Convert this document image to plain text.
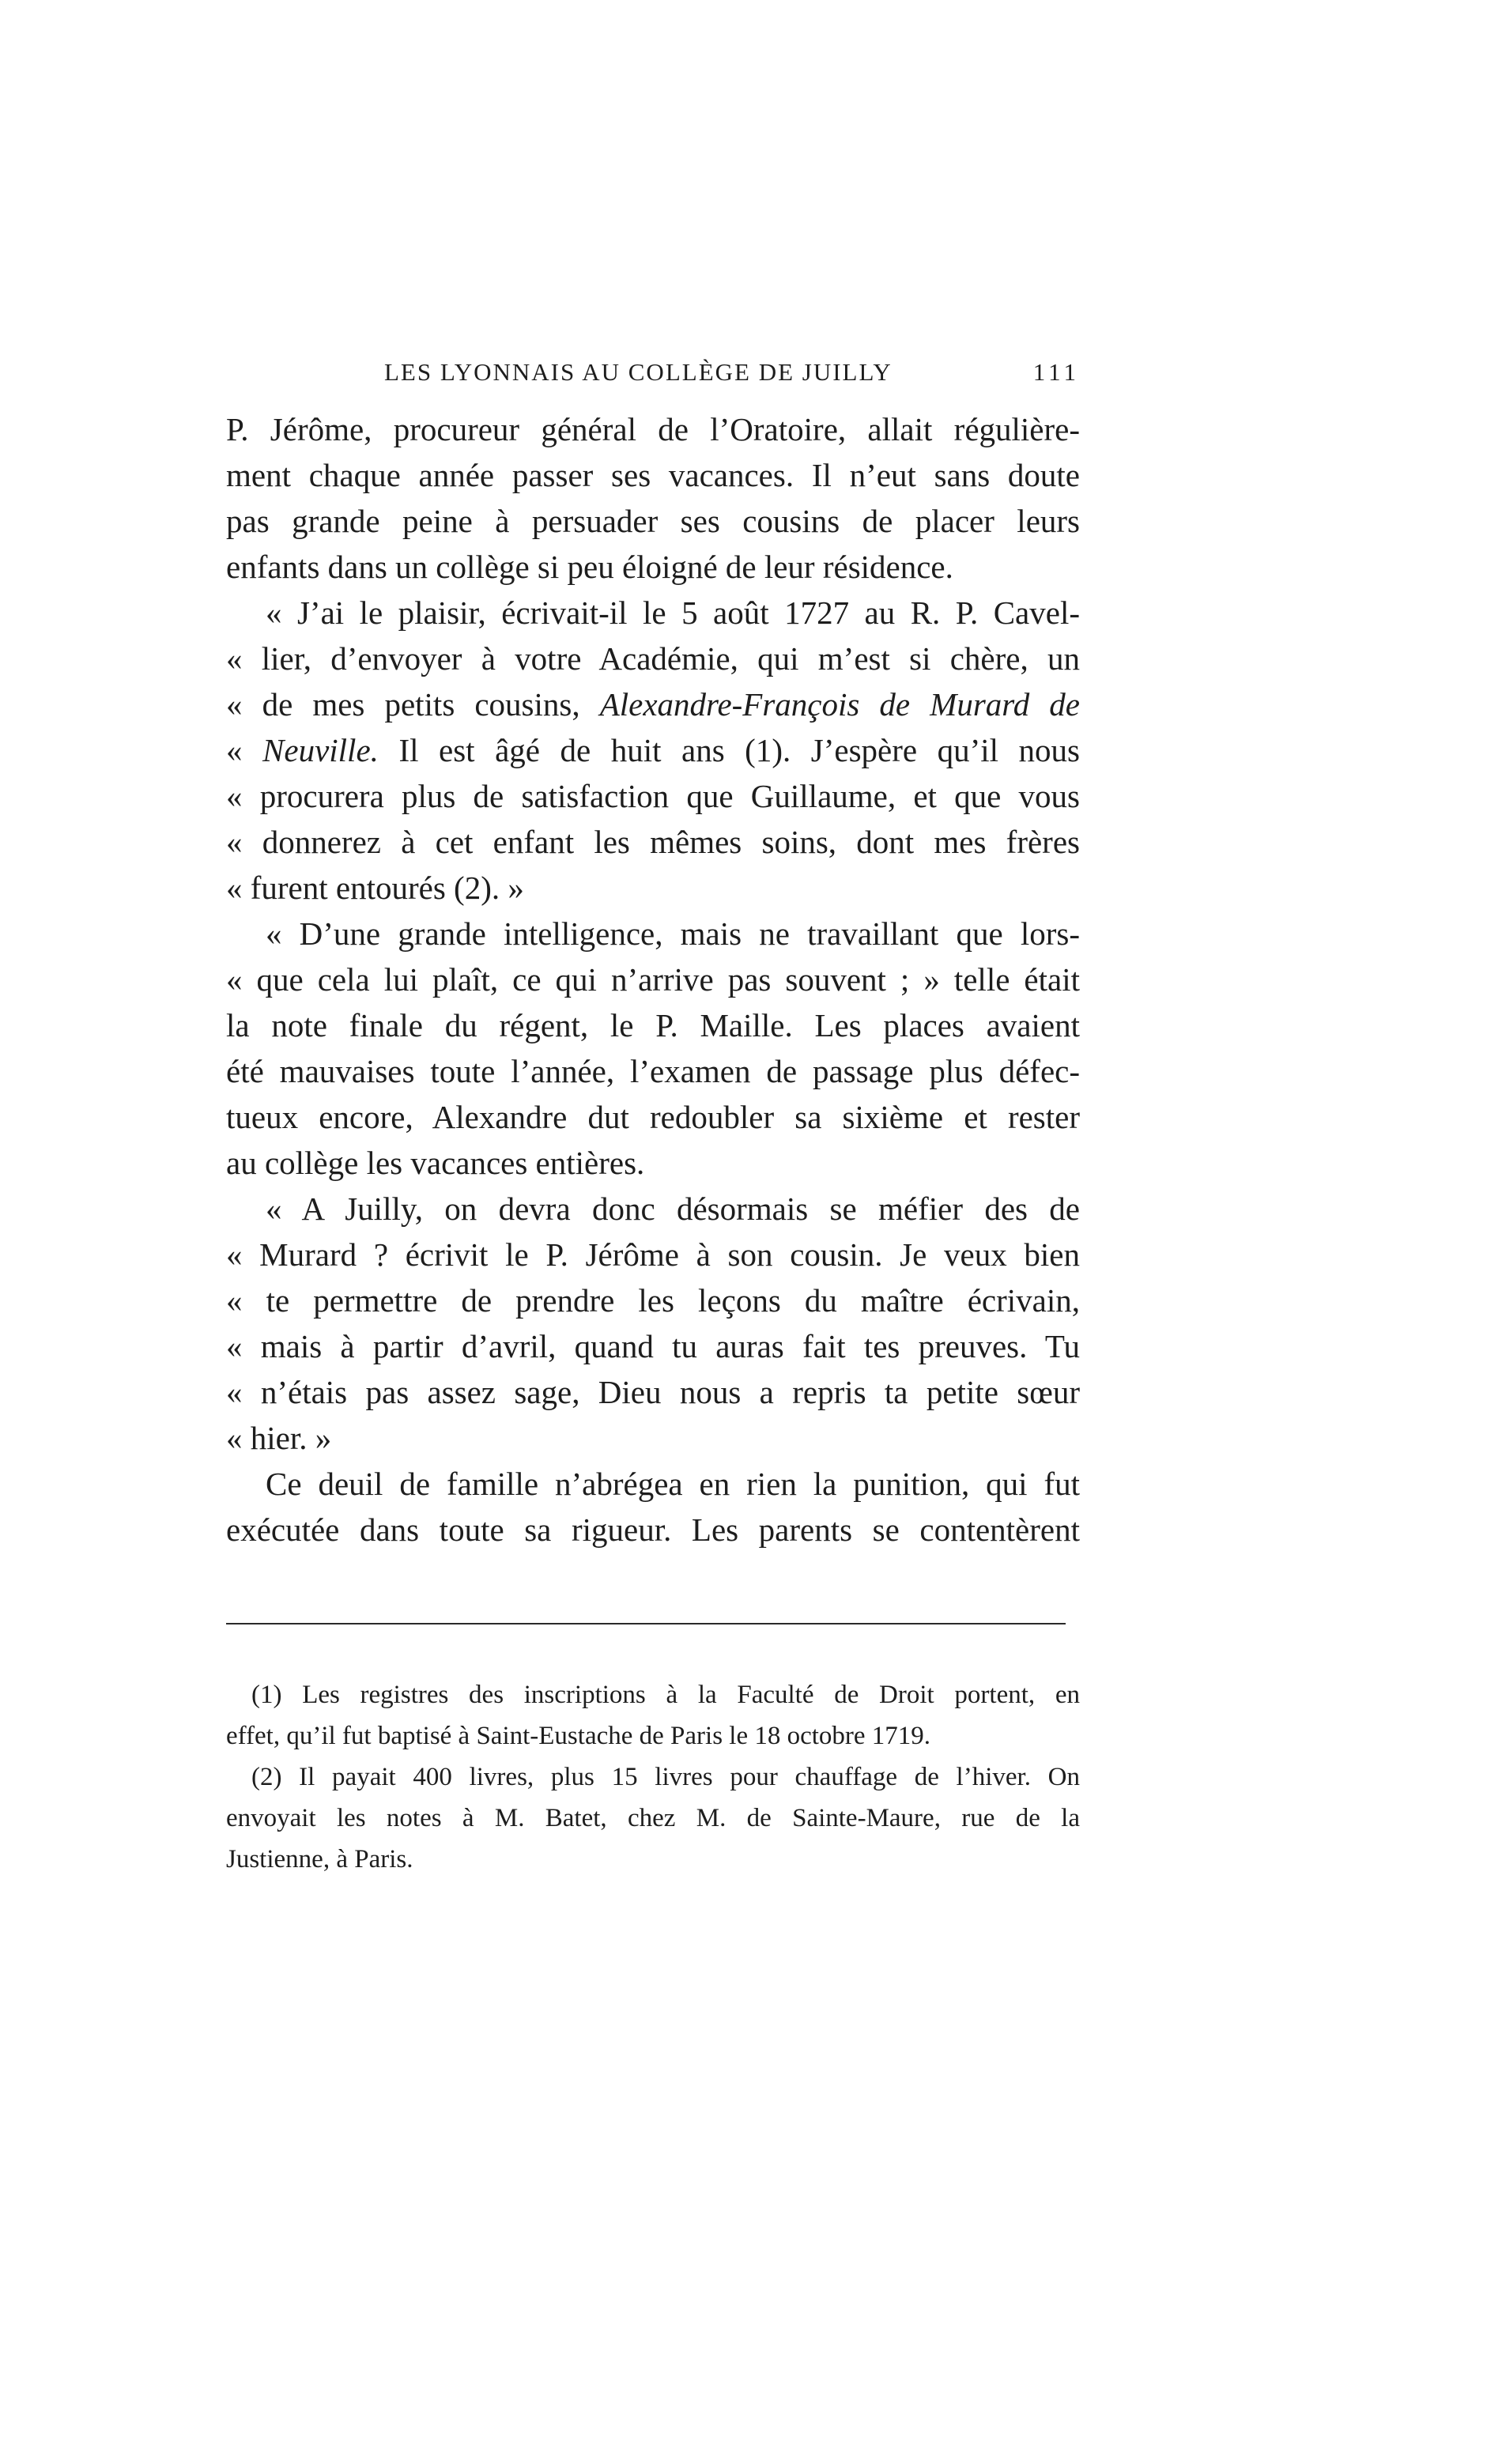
LES LYONNAIS AU COLLÈGE DE JUILLY	111
P. Jérôme, procureur général de l’Oratoire, allait régulière-
ment chaque année passer ses vacances. Il n’eut sans doute
pas grande peine à persuader ses cousins de placer leurs
enfants dans un collège si peu éloigné de leur résidence.
« J’ai le plaisir, écrivait-il le 5 août 1727 au R. P. Cavel-
« lier, d’envoyer à votre Académie, qui m’est si chère, un
« de mes petits cousins, Alexandre-François de Murard de
« Neuville. Il est âgé de huit ans (1). J’espère qu’il nous
« procurera plus de satisfaction que Guillaume, et que vous
« donnerez à cet enfant les mêmes soins, dont mes frères
« furent entourés (2). »
« D’une grande intelligence, mais ne travaillant que lors-
« que cela lui plaît, ce qui n’arrive pas souvent ; » telle était
la note finale du régent, le P. Maille. Les places avaient
été mauvaises toute l’année, l’examen de passage plus défec-
tueux encore, Alexandre dut redoubler sa sixième et rester
au collège les vacances entières.
« A Juilly, on devra donc désormais se méfier des de
« Murard ? écrivit le P. Jérôme à son cousin. Je veux bien
« te permettre de prendre les leçons du maître écrivain,
« mais à partir d’avril, quand tu auras fait tes preuves. Tu
« n’étais pas assez sage, Dieu nous a repris ta petite sœur
« hier. »
Ce deuil de famille n’abrégea en rien la punition, qui fut
exécutée dans toute sa rigueur. Les parents se contentèrent
(1) Les registres des inscriptions à la Faculté de Droit portent, en
effet, qu’il fut baptisé à Saint-Eustache de Paris le 18 octobre 1719.
(2) Il payait 400 livres, plus 15 livres pour chauffage de l’hiver. On
envoyait les notes à M. Batet, chez M. de Sainte-Maure, rue de la
Justienne, à Paris.
